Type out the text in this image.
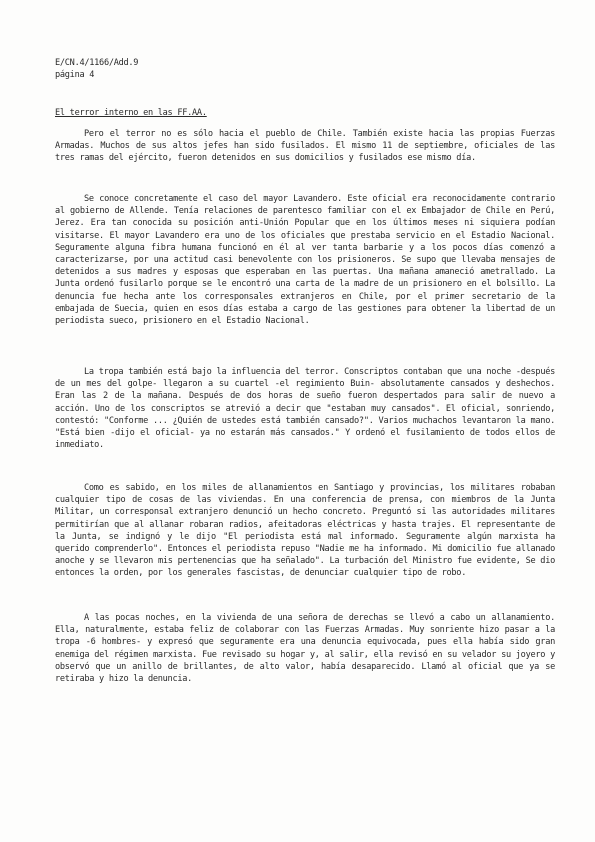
E/CN.4/1166/Add.9
página 4
El terror interno en las FF.AA.

Pero el terror no es sólo hacia el pueblo de Chile. También existe hacia las propias Fuerzas Armadas. Muchos de sus altos jefes han sido fusilados. El mismo 11 de septiembre, oficiales de las tres ramas del ejército, fueron detenidos en sus domicilios y fusilados ese mismo día.

Se conoce concretamente el caso del mayor Lavandero. Este oficial era reconocidamente contrario al gobierno de Allende. Tenía relaciones de parentesco familiar con el ex Embajador de Chile en Perú, Jerez. Era tan conocida su posición anti-Unión Popular que en los últimos meses ni siquiera podían visitarse. El mayor Lavandero era uno de los oficiales que prestaba servicio en el Estadio Nacional. Seguramente alguna fibra humana funcionó en él al ver tanta barbarie y a los pocos días comenzó a caracterizarse, por una actitud casi benevolente con los prisioneros. Se supo que llevaba mensajes de detenidos a sus madres y esposas que esperaban en las puertas. Una mañana amaneció ametrallado. La Junta ordenó fusilarlo porque se le encontró una carta de la madre de un prisionero en el bolsillo. La denuncia fue hecha ante los corresponsales extranjeros en Chile, por el primer secretario de la embajada de Suecia, quien en esos días estaba a cargo de las gestiones para obtener la libertad de un periodista sueco, prisionero en el Estadio Nacional.

La tropa también está bajo la influencia del terror. Conscriptos contaban que una noche -después de un mes del golpe- llegaron a su cuartel -el regimiento Buin- absolutamente cansados y deshechos. Eran las 2 de la mañana. Después de dos horas de sueño fueron despertados para salir de nuevo a acción. Uno de los conscriptos se atrevió a decir que "estaban muy cansados". El oficial, sonriendo, contestó: "Conforme ... ¿Quién de ustedes está también cansado?". Varios muchachos levantaron la mano. "Está bien -dijo el oficial- ya no estarán más cansados." Y ordenó el fusilamiento de todos ellos de inmediato.

Como es sabido, en los miles de allanamientos en Santiago y provincias, los militares robaban cualquier tipo de cosas de las viviendas. En una conferencia de prensa, con miembros de la Junta Militar, un corresponsal extranjero denunció un hecho concreto. Preguntó si las autoridades militares permitirían que al allanar robaran radios, afeitadoras eléctricas y hasta trajes. El representante de la Junta, se indignó y le dijo "El periodista está mal informado. Seguramente algún marxista ha querido comprenderlo". Entonces el periodista repuso "Nadie me ha informado. Mi domicilio fue allanado anoche y se llevaron mis pertenencias que ha señalado". La turbación del Ministro fue evidente, Se dio entonces la orden, por los generales fascistas, de denunciar cualquier tipo de robo.

A las pocas noches, en la vivienda de una señora de derechas se llevó a cabo un allanamiento. Ella, naturalmente, estaba feliz de colaborar con las Fuerzas Armadas. Muy sonriente hizo pasar a la tropa -6 hombres- y expresó que seguramente era una denuncia equivocada, pues ella había sido gran enemiga del régimen marxista. Fue revisado su hogar y, al salir, ella revisó en su velador su joyero y observó que un anillo de brillantes, de alto valor, había desaparecido. Llamó al oficial que ya se retiraba y hizo la denuncia.
